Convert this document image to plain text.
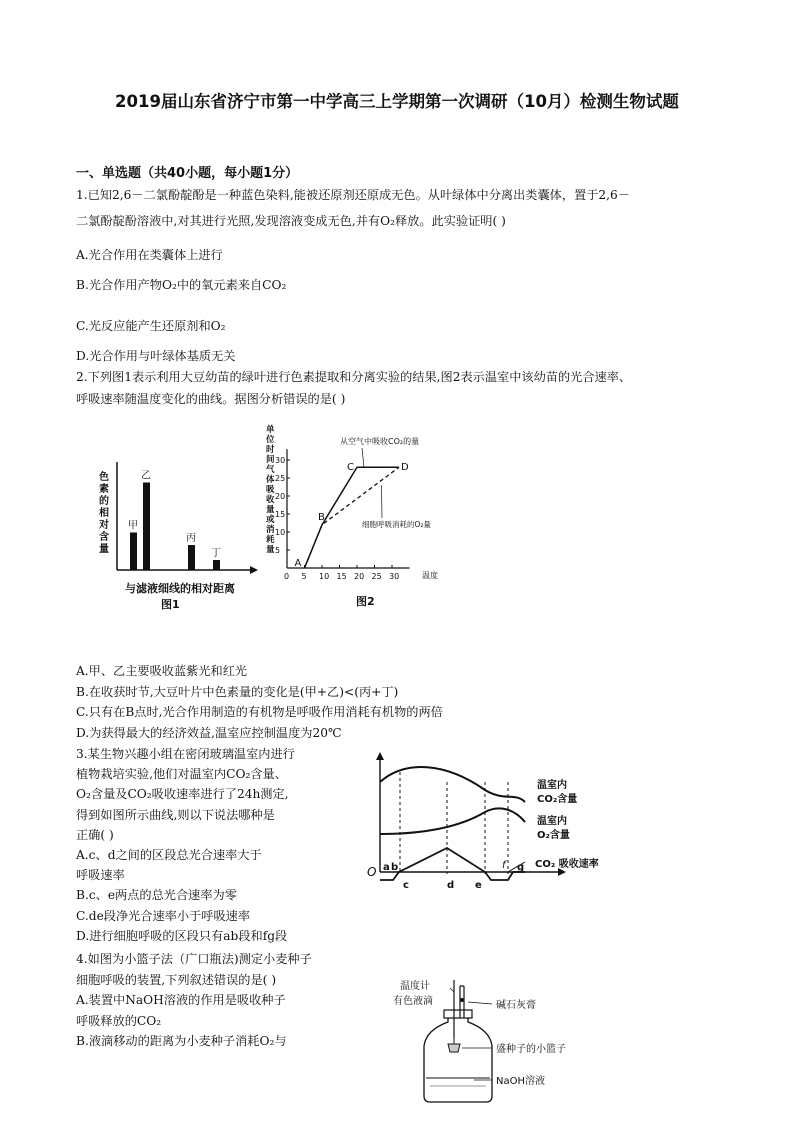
2019届山东省济宁市第一中学高三上学期第一次调研（10月）检测生物试题
一、单选题（共40小题，每小题1分）
1.已知2,6－二氯酚靛酚是一种蓝色染料,能被还原剂还原成无色。从叶绿体中分离出类囊体，置于2,6－
二氯酚靛酚溶液中,对其进行光照,发现溶液变成无色,并有O₂释放。此实验证明( )
A.光合作用在类囊体上进行
B.光合作用产物O₂中的氧元素来自CO₂
C.光反应能产生还原剂和O₂
D.光合作用与叶绿体基质无关
2.下列图1表示利用大豆幼苗的绿叶进行色素提取和分离实验的结果,图2表示温室中该幼苗的光合速率、
呼吸速率随温度变化的曲线。据图分析错误的是( )
色
素
的
相
对
含
量
甲
乙
丙
丁
与滤液细线的相对距离
图1
单
位
时
间
气
体
吸
收
量
或
消
耗
量
0 5 10 15 20 25 30
5
10
15
20
25
30
A
B
C	D
从空气中吸收CO₂的量
细胞呼吸消耗的O₂量
温度
图2
A.甲、乙主要吸收蓝紫光和红光
B.在收获时节,大豆叶片中色素量的变化是(甲+乙)<(丙+丁)
C.只有在B点时,光合作用制造的有机物是呼吸作用消耗有机物的两倍
D.为获得最大的经济效益,温室应控制温度为20℃
3.某生物兴趣小组在密闭玻璃温室内进行
植物栽培实验,他们对温室内CO₂含量、
O₂含量及CO₂吸收速率进行了24h测定,
得到如图所示曲线,则以下说法哪种是
正确( )
A.c、d之间的区段总光合速率大于
呼吸速率
B.c、e两点的总光合速率为零
C.de段净光合速率小于呼吸速率
D.进行细胞呼吸的区段只有ab段和fg段
O a b
c	d e
f g
温室内
CO₂含量
温室内
O₂含量
CO₂ 吸收速率
4.如图为小篮子法（广口瓶法)测定小麦种子
细胞呼吸的装置,下列叙述错误的是( )
A.装置中NaOH溶液的作用是吸收种子
呼吸释放的CO₂
B.液滴移动的距离为小麦种子消耗O₂与
温度计
有色液滴	碱石灰膏
盛种子的小篮子
NaOH溶液
